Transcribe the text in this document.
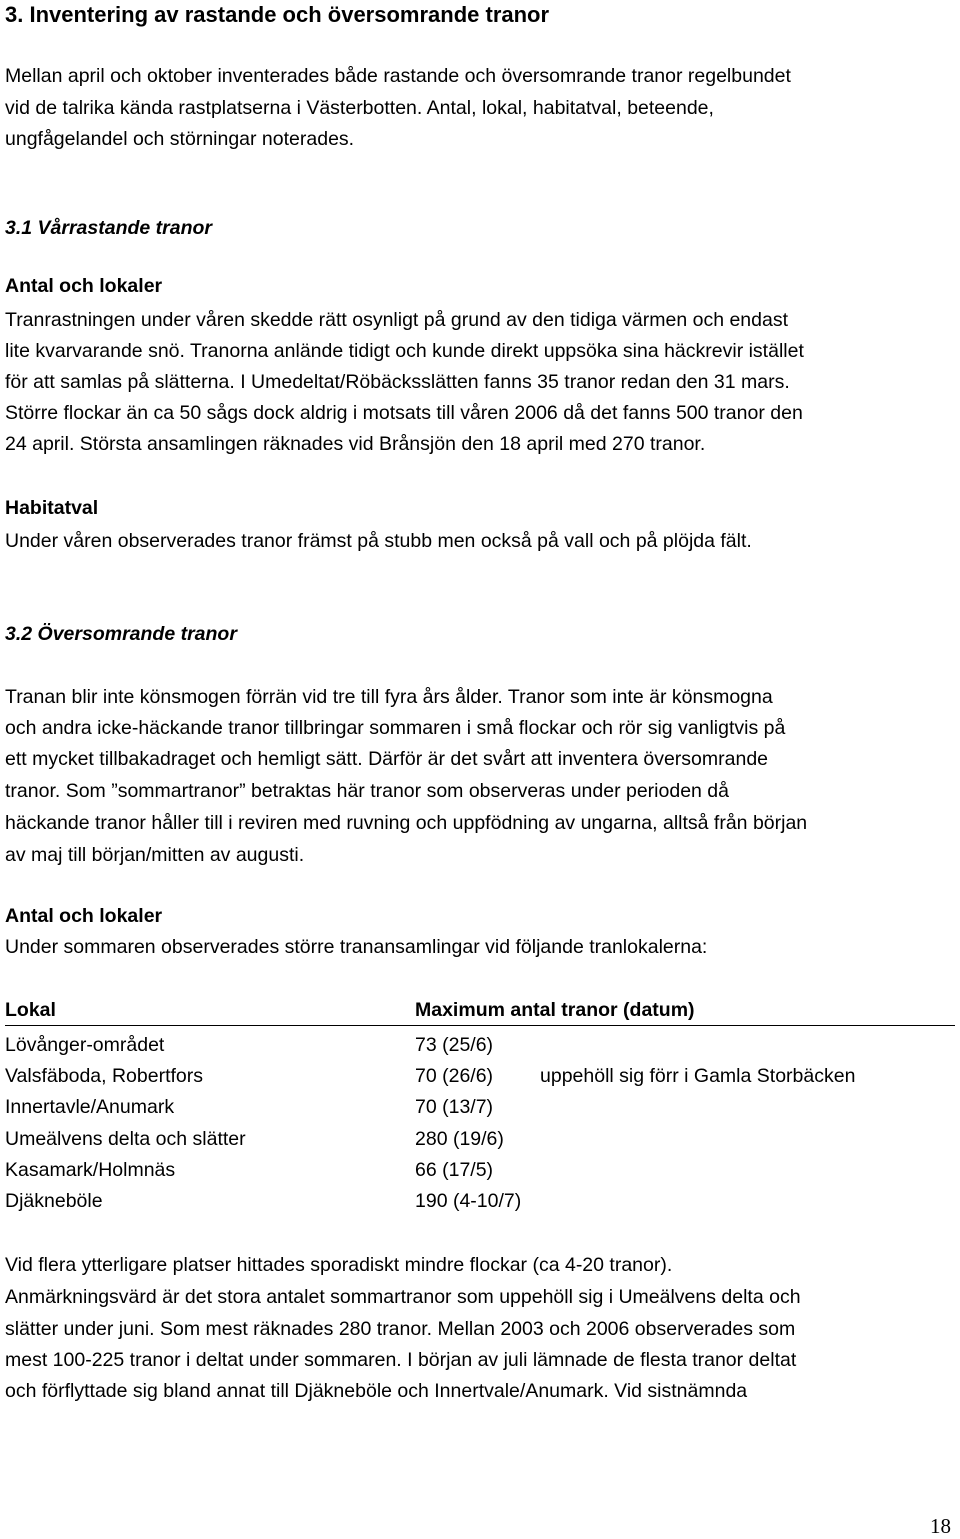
3. Inventering av rastande och översomrande tranor
Mellan april och oktober inventerades både rastande och översomrande tranor regelbundet
vid de talrika kända rastplatserna i Västerbotten. Antal, lokal, habitatval, beteende,
ungfågelandel och störningar noterades.
3.1 Vårrastande tranor
Antal och lokaler
Tranrastningen under våren skedde rätt osynligt på grund av den tidiga värmen och endast
lite kvarvarande snö. Tranorna anlände tidigt och kunde direkt uppsöka sina häckrevir istället
för att samlas på slätterna. I Umedeltat/Röbäcksslätten fanns 35 tranor redan den 31 mars.
Större flockar än ca 50 sågs dock aldrig i motsats till våren 2006 då det fanns 500 tranor den
24 april. Största ansamlingen räknades vid Brånsjön den 18 april med 270 tranor.
Habitatval
Under våren observerades tranor främst på stubb men också på vall och på plöjda fält.
3.2 Översomrande tranor
Tranan blir inte könsmogen förrän vid tre till fyra års ålder. Tranor som inte är könsmogna
och andra icke-häckande tranor tillbringar sommaren i små flockar och rör sig vanligtvis på
ett mycket tillbakadraget och hemligt sätt. Därför är det svårt att inventera översomrande
tranor. Som ”sommartranor” betraktas här tranor som observeras under perioden då
häckande tranor håller till i reviren med ruvning och uppfödning av ungarna, alltså från början
av maj till början/mitten av augusti.
Antal och lokaler
Under sommaren observerades större tranansamlingar vid följande tranlokalerna:
Lokal	Maximum antal tranor (datum)
Lövånger-området	73 (25/6)
Valsfäboda, Robertfors	70 (26/6) uppehöll sig förr i Gamla Storbäcken
Innertavle/Anumark	70 (13/7)
Umeälvens delta och slätter	280 (19/6)
Kasamark/Holmnäs	66 (17/5)
Djäkneböle	190 (4-10/7)
Vid flera ytterligare platser hittades sporadiskt mindre flockar (ca 4-20 tranor).
Anmärkningsvärd är det stora antalet sommartranor som uppehöll sig i Umeälvens delta och
slätter under juni. Som mest räknades 280 tranor. Mellan 2003 och 2006 observerades som
mest 100-225 tranor i deltat under sommaren. I början av juli lämnade de flesta tranor deltat
och förflyttade sig bland annat till Djäkneböle och Innertvale/Anumark. Vid sistnämnda
18
